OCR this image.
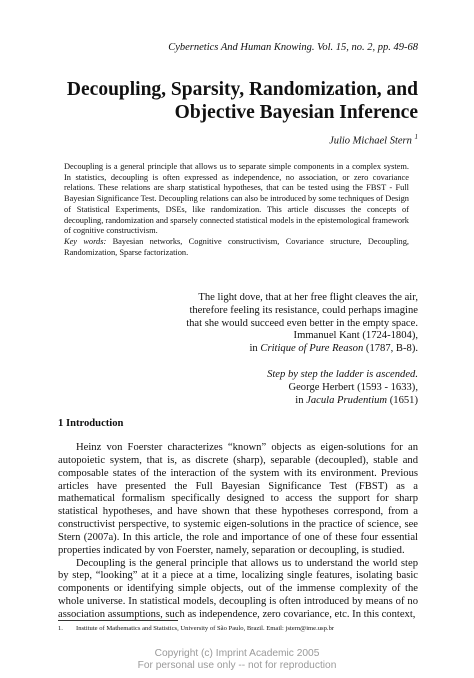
Cybernetics And Human Knowing. Vol. 15, no. 2, pp. 49-68
Decoupling, Sparsity, Randomization, and
Objective Bayesian Inference
Julio Michael Stern $^1$

Decoupling is a general principle that allows us to separate simple components in a complex system. In statistics, decoupling is often expressed as independence, no association, or zero covariance relations. These relations are sharp statistical hypotheses, that can be tested using the FBST - Full Bayesian Significance Test. Decoupling relations can also be introduced by some techniques of Design of Statistical Experiments, DSEs, like randomization. This article discusses the concepts of decoupling, randomization and sparsely connected statistical models in the epistemological framework of cognitive constructivism.

Key words: Bayesian networks, Cognitive constructivism, Covariance structure, Decoupling, Randomization, Sparse factorization.

The light dove, that at her free flight cleaves the air,
therefore feeling its resistance, could perhaps imagine
that she would succeed even better in the empty space.
Immanuel Kant (1724-1804),
in Critique of Pure Reason (1787, B-8).
Step by step the ladder is ascended.
George Herbert (1593 - 1633),
in Jacula Prudentium (1651)
1 Introduction

Heinz von Foerster characterizes “known” objects as eigen-solutions for an autopoietic system, that is, as discrete (sharp), separable (decoupled), stable and composable states of the interaction of the system with its environment. Previous articles have presented the Full Bayesian Significance Test (FBST) as a mathematical formalism specifically designed to access the support for sharp statistical hypotheses, and have shown that these hypotheses correspond, from a constructivist perspective, to systemic eigen-solutions in the practice of science, see Stern (2007a). In this article, the role and importance of one of these four essential properties indicated by von Foerster, namely, separation or decoupling, is studied.

Decoupling is the general principle that allows us to understand the world step by step, “looking” at it a piece at a time, localizing single features, isolating basic components or identifying simple objects, out of the immense complexity of the whole universe. In statistical models, decoupling is often introduced by means of no association assumptions, such as independence, zero covariance, etc. In this context,

1. Institute of Mathematics and Statistics, University of São Paulo, Brazil. Email: jstern@ime.usp.br
Copyright (c) Imprint Academic 2005
For personal use only -- not for reproduction
